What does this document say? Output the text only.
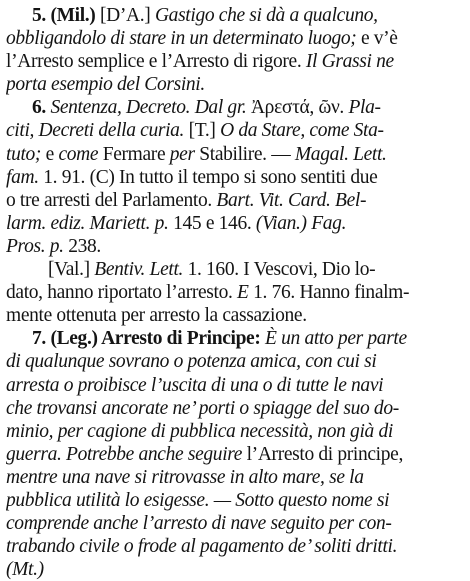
5. (Mil.) [D’A.] Gastigo che si dà a qualcuno,
obbligandolo di stare in un determinato luogo; e v’è
l’Arresto semplice e l’Arresto di rigore. Il Grassi ne
porta esempio del Corsini.
6. Sentenza, Decreto. Dal gr. Ἀρεστά, ῶν. Pla-
citi, Decreti della curia. [T.] O da Stare, come Sta-
tuto; e come Fermare per Stabilire. — Magal. Lett.
fam. 1. 91. (C) In tutto il tempo si sono sentiti due
o tre arresti del Parlamento. Bart. Vit. Card. Bel-
larm. ediz. Mariett. p. 145 e 146. (Vian.) Fag.
Pros. p. 238.
[Val.] Bentiv. Lett. 1. 160. I Vescovi, Dio lo-
dato, hanno riportato l’arresto. E 1. 76. Hanno finalm-
mente ottenuta per arresto la cassazione.
7. (Leg.) Arresto di Principe: È un atto per parte
di qualunque sovrano o potenza amica, con cui si
arresta o proibisce l’uscita di una o di tutte le navi
che trovansi ancorate ne’ porti o spiagge del suo do-
minio, per cagione di pubblica necessità, non già di
guerra. Potrebbe anche seguire l’Arresto di principe,
mentre una nave si ritrovasse in alto mare, se la
pubblica utilità lo esigesse. — Sotto questo nome si
comprende anche l’arresto di nave seguito per con-
trabando civile o frode al pagamento de’ soliti dritti.
(Mt.)
